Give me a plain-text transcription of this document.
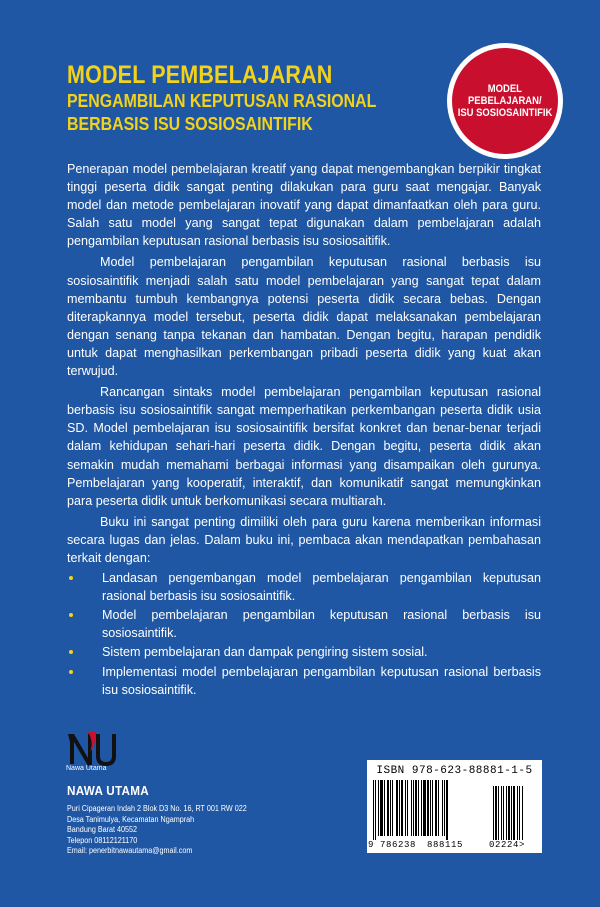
MODEL PEMBELAJARAN
PENGAMBILAN KEPUTUSAN RASIONAL
BERBASIS ISU SOSIOSAINTIFIK
MODEL
PEBELAJARAN/
ISU SOSIOSAINTIFIK

Penerapan model pembelajaran kreatif yang dapat mengembangkan berpikir tingkat tinggi peserta didik sangat penting dilakukan para guru saat mengajar. Banyak model dan metode pembelajaran inovatif yang dapat dimanfaatkan oleh para guru. Salah satu model yang sangat tepat digunakan dalam pembelajaran adalah pengambilan keputusan rasional berbasis isu sosiosaitifik.

Model pembelajaran pengambilan keputusan rasional berbasis isu sosiosaintifik menjadi salah satu model pembelajaran yang sangat tepat dalam membantu tumbuh kembangnya potensi peserta didik secara bebas. Dengan diterapkannya model tersebut, peserta didik dapat melaksanakan pembelajaran dengan senang tanpa tekanan dan hambatan. Dengan begitu, harapan pendidik untuk dapat menghasilkan perkembangan pribadi peserta didik yang kuat akan terwujud.

Rancangan sintaks model pembelajaran pengambilan keputusan rasional berbasis isu sosiosaintifik sangat memperhatikan perkembangan peserta didik usia SD. Model pembelajaran isu sosiosaintifik bersifat konkret dan benar-benar terjadi dalam kehidupan sehari-hari peserta didik. Dengan begitu, peserta didik akan semakin mudah memahami berbagai informasi yang disampaikan oleh gurunya. Pembelajaran yang kooperatif, interaktif, dan komunikatif sangat memungkinkan para peserta didik untuk berkomunikasi secara multiarah.

Buku ini sangat penting dimiliki oleh para guru karena memberikan informasi secara lugas dan jelas. Dalam buku ini, pembaca akan mendapatkan pembahasan terkait dengan:

Landasan pengembangan model pembelajaran pengambilan keputusan rasional berbasis isu sosiosaintifik.
Model pembelajaran pengambilan keputusan rasional berbasis isu sosiosaintifik.
Sistem pembelajaran dan dampak pengiring sistem sosial.
Implementasi model pembelajaran pengambilan keputusan rasional berbasis isu sosiosaintifik.
Nawa Utama
NAWA UTAMA
Puri Cipageran Indah 2 Blok D3 No. 16, RT 001 RW 022
Desa Tanimulya, Kecamatan Ngamprah
Bandung Barat 40552
Telepon 08112121170
Email: penerbitnawautama@gmail.com
ISBN 978-623-88881-1-5
9 786238 888115	02224>
